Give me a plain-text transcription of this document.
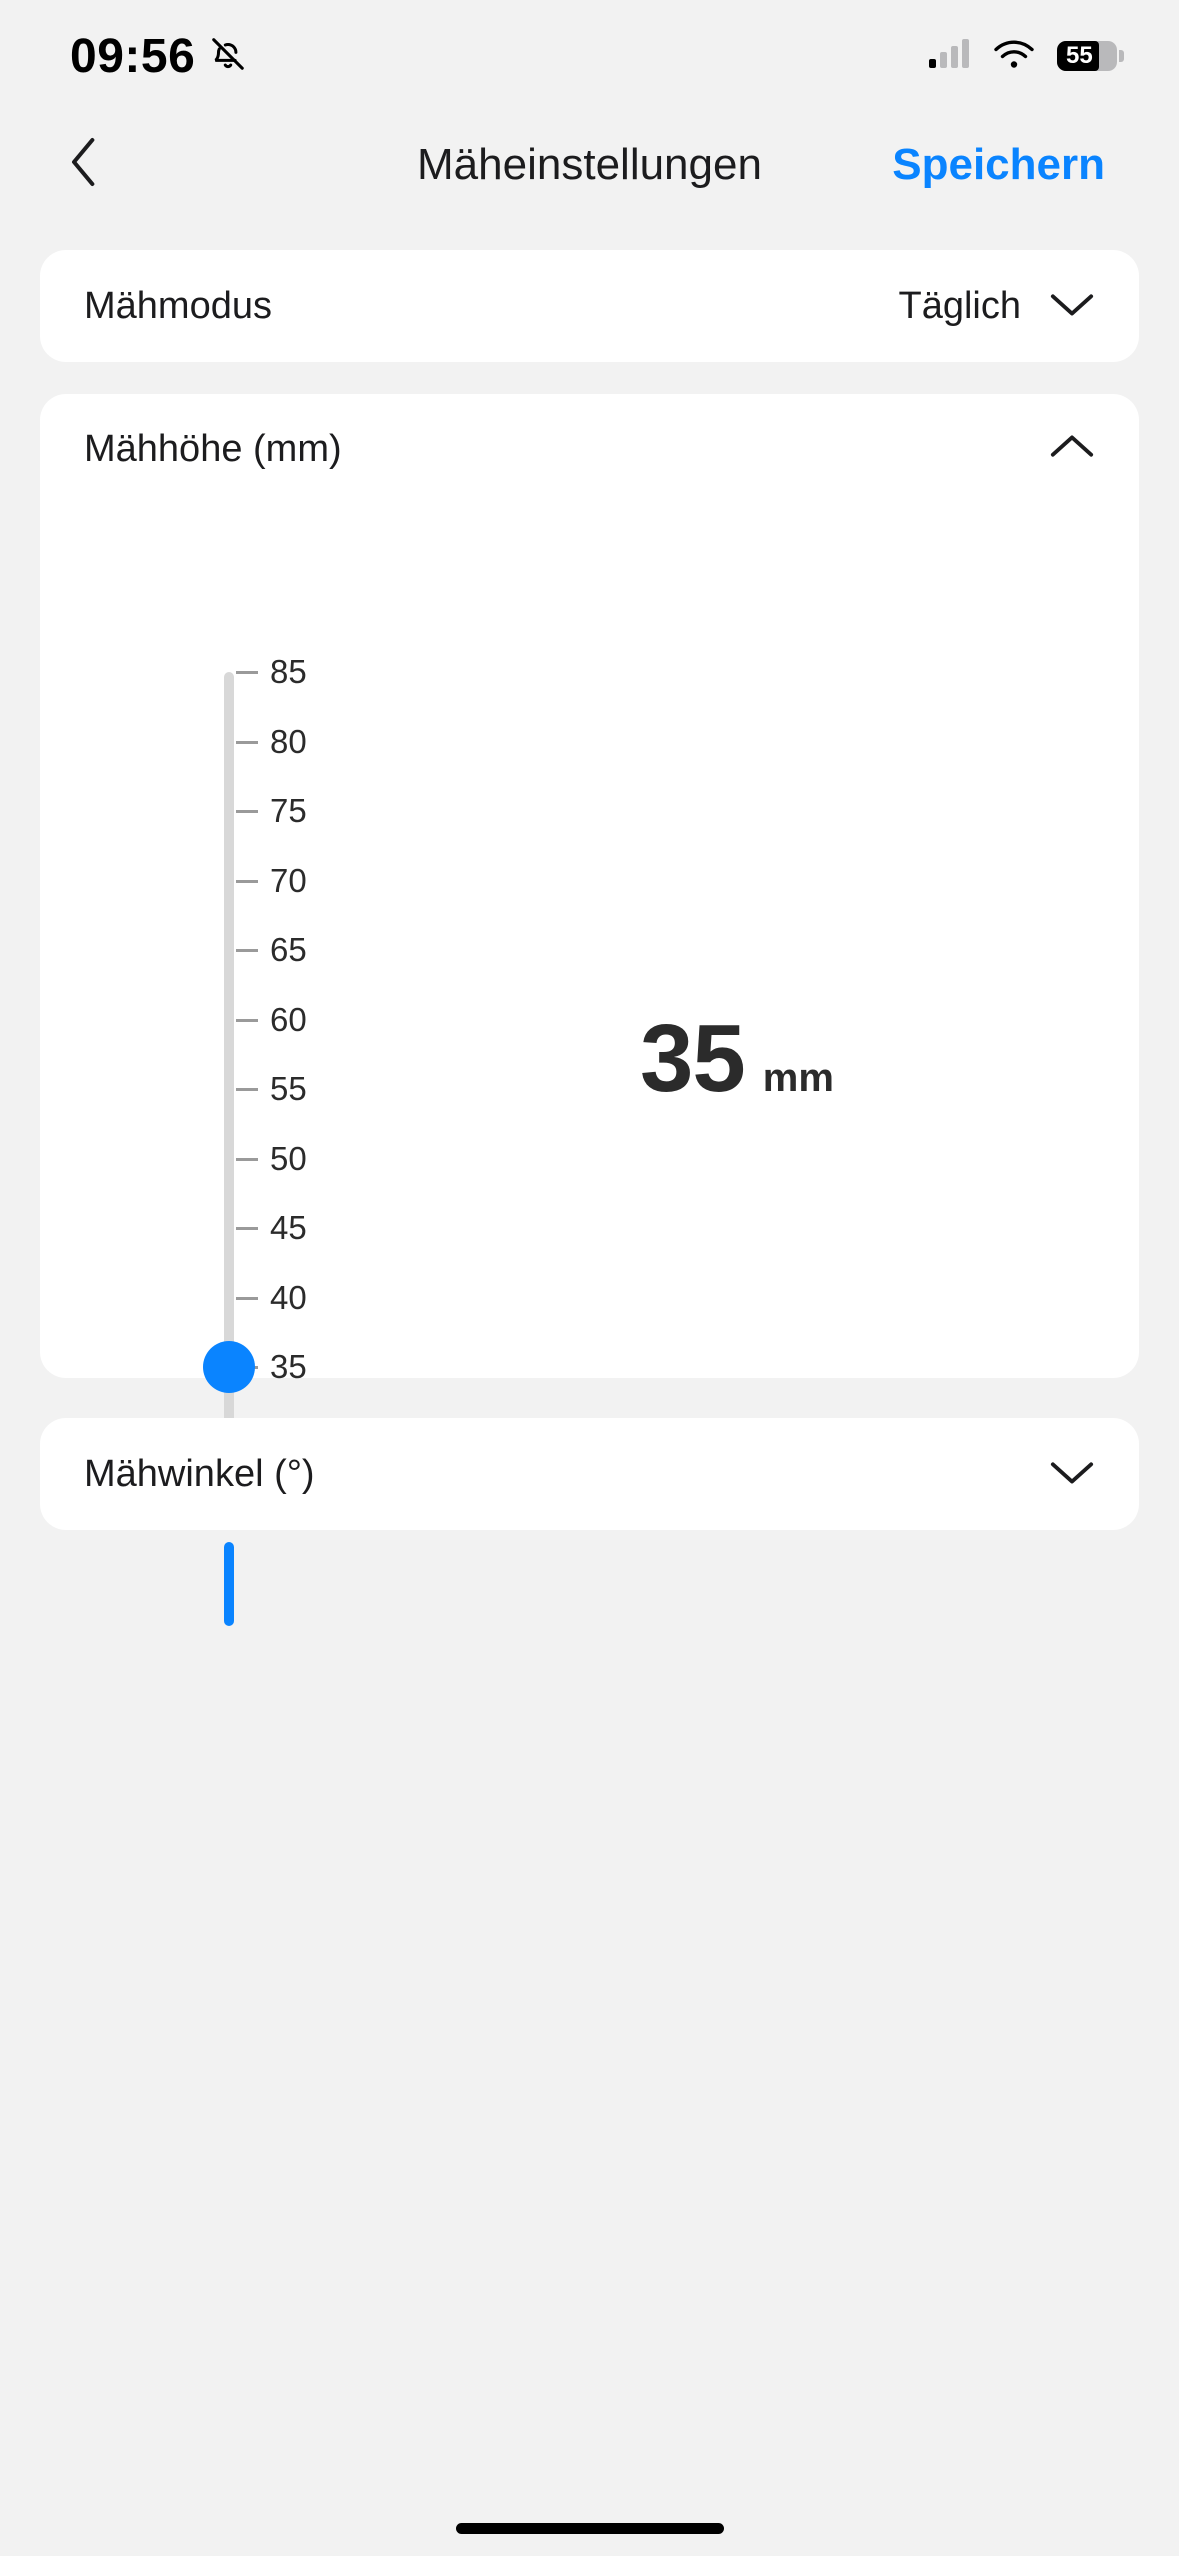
09:56	55
Mäheinstellungen	Speichern
Mähmodus	Täglich
Mähhöhe (mm)
85
80
75
70
65
60
55
50
45
40
35
35 mm
Mähwinkel (°)
